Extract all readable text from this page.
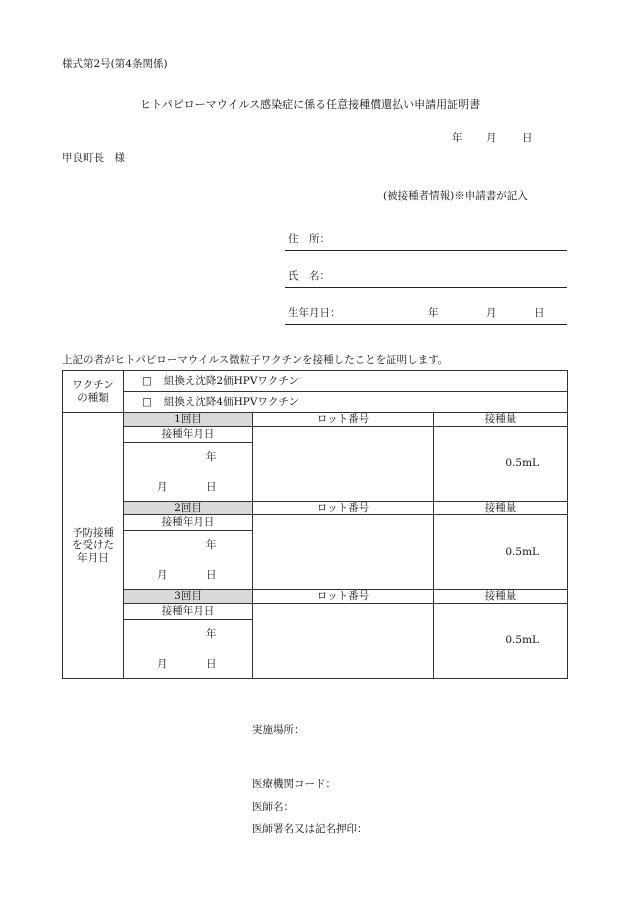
様式第2号(第4条関係)
ヒトパピローマウイルス感染症に係る任意接種償還払い申請用証明書
年 月 日
甲良町長　様
(被接種者情報)※申請書が記入
住　所：
氏　名：
生年月日：	年	月	日
上記の者がヒトパピローマウイルス微粒子ワクチンを接種したことを証明します。
ワクチン
の種類	□ 組換え沈降2価HPVワクチン		
	□ 組換え沈降4価HPVワクチン		
予防接種
を受けた
年月日	1回目	ロット番号	接種量
	接種年月日		0.5mL

	年
月 日		

	2回目	ロット番号	接種量
	接種年月日		0.5mL

	年
月 日		

	3回目	ロット番号	接種量
	接種年月日		0.5mL

	年
月 日		
実施場所：
医療機関コード：
医師名：
医師署名又は記名押印：
